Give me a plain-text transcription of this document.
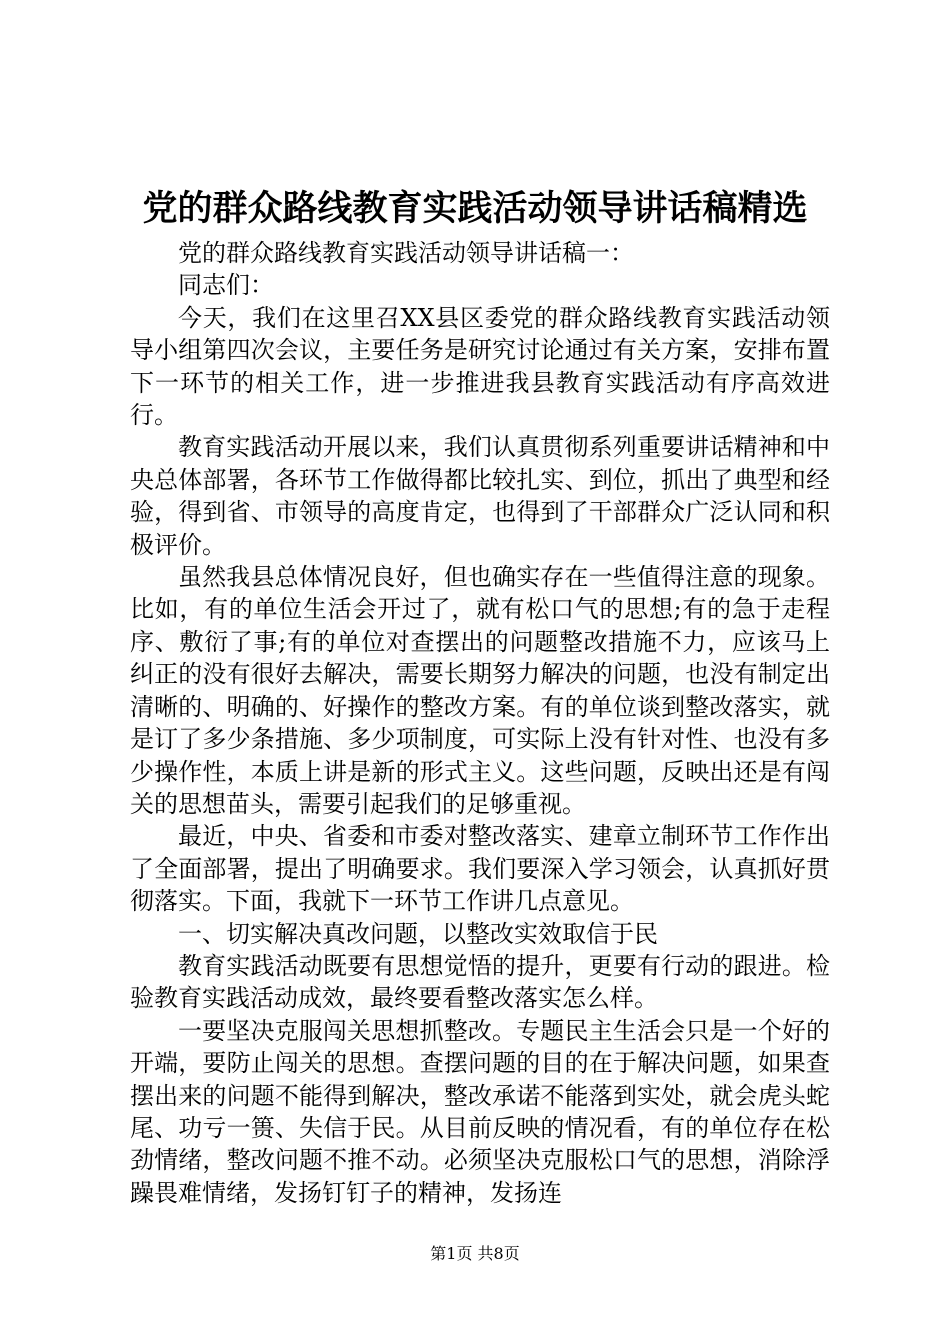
党的群众路线教育实践活动领导讲话稿精选

党的群众路线教育实践活动领导讲话稿一：

同志们：

今天，我们在这里召XX县区委党的群众路线教育实践活动领导小组第四次会议，主要任务是研究讨论通过有关方案，安排布置下一环节的相关工作，进一步推进我县教育实践活动有序高效进行。

教育实践活动开展以来，我们认真贯彻系列重要讲话精神和中央总体部署，各环节工作做得都比较扎实、到位，抓出了典型和经验，得到省、市领导的高度肯定，也得到了干部群众广泛认同和积极评价。

虽然我县总体情况良好，但也确实存在一些值得注意的现象。比如，有的单位生活会开过了，就有松口气的思想;有的急于走程序、敷衍了事;有的单位对查摆出的问题整改措施不力，应该马上纠正的没有很好去解决，需要长期努力解决的问题，也没有制定出清晰的、明确的、好操作的整改方案。有的单位谈到整改落实，就是订了多少条措施、多少项制度，可实际上没有针对性、也没有多少操作性，本质上讲是新的形式主义。这些问题，反映出还是有闯关的思想苗头，需要引起我们的足够重视。

最近，中央、省委和市委对整改落实、建章立制环节工作作出了全面部署，提出了明确要求。我们要深入学习领会，认真抓好贯彻落实。下面，我就下一环节工作讲几点意见。

一、切实解决真改问题，以整改实效取信于民

教育实践活动既要有思想觉悟的提升，更要有行动的跟进。检验教育实践活动成效，最终要看整改落实怎么样。

一要坚决克服闯关思想抓整改。专题民主生活会只是一个好的开端，要防止闯关的思想。查摆问题的目的在于解决问题，如果查摆出来的问题不能得到解决，整改承诺不能落到实处，就会虎头蛇尾、功亏一篑、失信于民。从目前反映的情况看，有的单位存在松劲情绪，整改问题不推不动。必须坚决克服松口气的思想，消除浮躁畏难情绪，发扬钉钉子的精神，发扬连

第1页 共8页
